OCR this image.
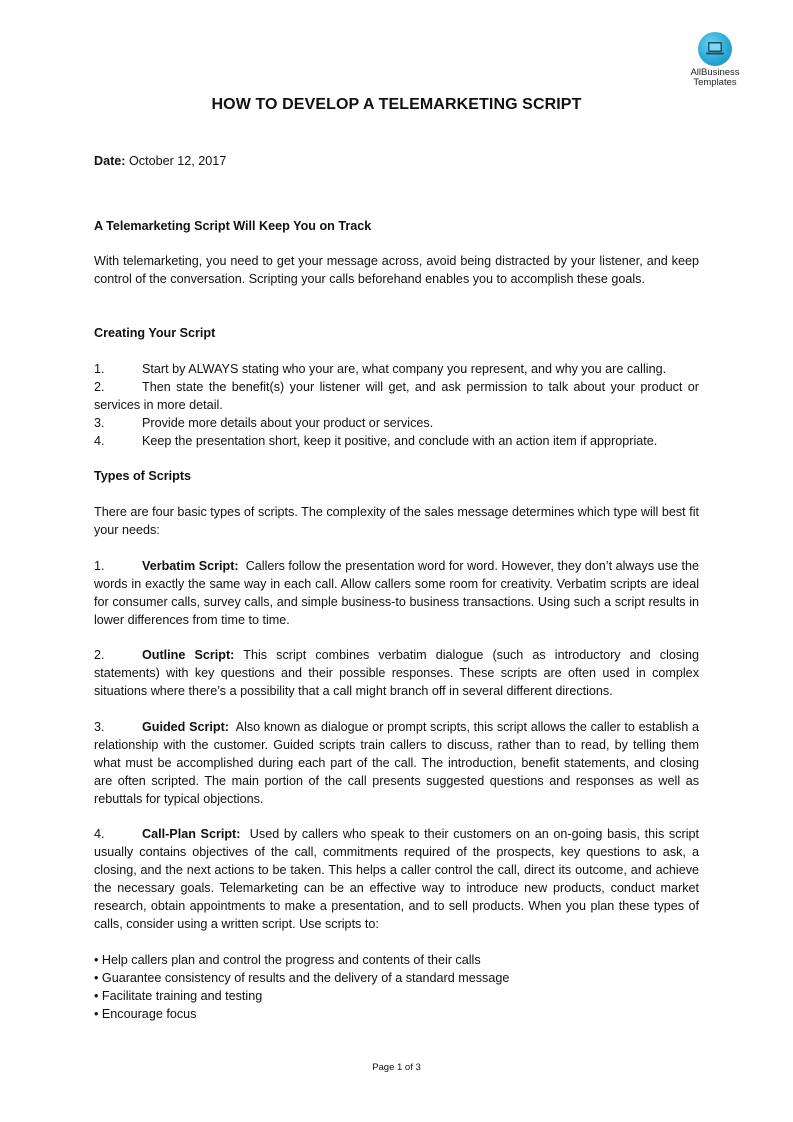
AllBusiness
Templates
HOW TO DEVELOP A TELEMARKETING SCRIPT
Date: October 12, 2017
A Telemarketing Script Will Keep You on Track
With telemarketing, you need to get your message across, avoid being distracted by your listener, and keep control of the conversation. Scripting your calls beforehand enables you to accomplish these goals.
Creating Your Script
1.	Start by ALWAYS stating who your are, what company you represent, and why you are calling.
2.	Then state the benefit(s) your listener will get, and ask permission to talk about your product or services in more detail.
3.	Provide more details about your product or services.
4.	Keep the presentation short, keep it positive, and conclude with an action item if appropriate.
Types of Scripts
There are four basic types of scripts. The complexity of the sales message determines which type will best fit your needs:
1.	Verbatim Script: Callers follow the presentation word for word. However, they don’t always use the words in exactly the same way in each call. Allow callers some room for creativity. Verbatim scripts are ideal for consumer calls, survey calls, and simple business-to business transactions. Using such a script results in lower differences from time to time.
2.	Outline Script: This script combines verbatim dialogue (such as introductory and closing statements) with key questions and their possible responses. These scripts are often used in complex situations where there’s a possibility that a call might branch off in several different directions.
3.	Guided Script: Also known as dialogue or prompt scripts, this script allows the caller to establish a relationship with the customer. Guided scripts train callers to discuss, rather than to read, by telling them what must be accomplished during each part of the call. The introduction, benefit statements, and closing are often scripted. The main portion of the call presents suggested questions and responses as well as rebuttals for typical objections.
4.	Call-Plan Script: Used by callers who speak to their customers on an on-going basis, this script usually contains objectives of the call, commitments required of the prospects, key questions to ask, a closing, and the next actions to be taken. This helps a caller control the call, direct its outcome, and achieve the necessary goals. Telemarketing can be an effective way to introduce new products, conduct market research, obtain appointments to make a presentation, and to sell products. When you plan these types of calls, consider using a written script. Use scripts to:
• Help callers plan and control the progress and contents of their calls
• Guarantee consistency of results and the delivery of a standard message
• Facilitate training and testing
• Encourage focus
Page 1 of 3
